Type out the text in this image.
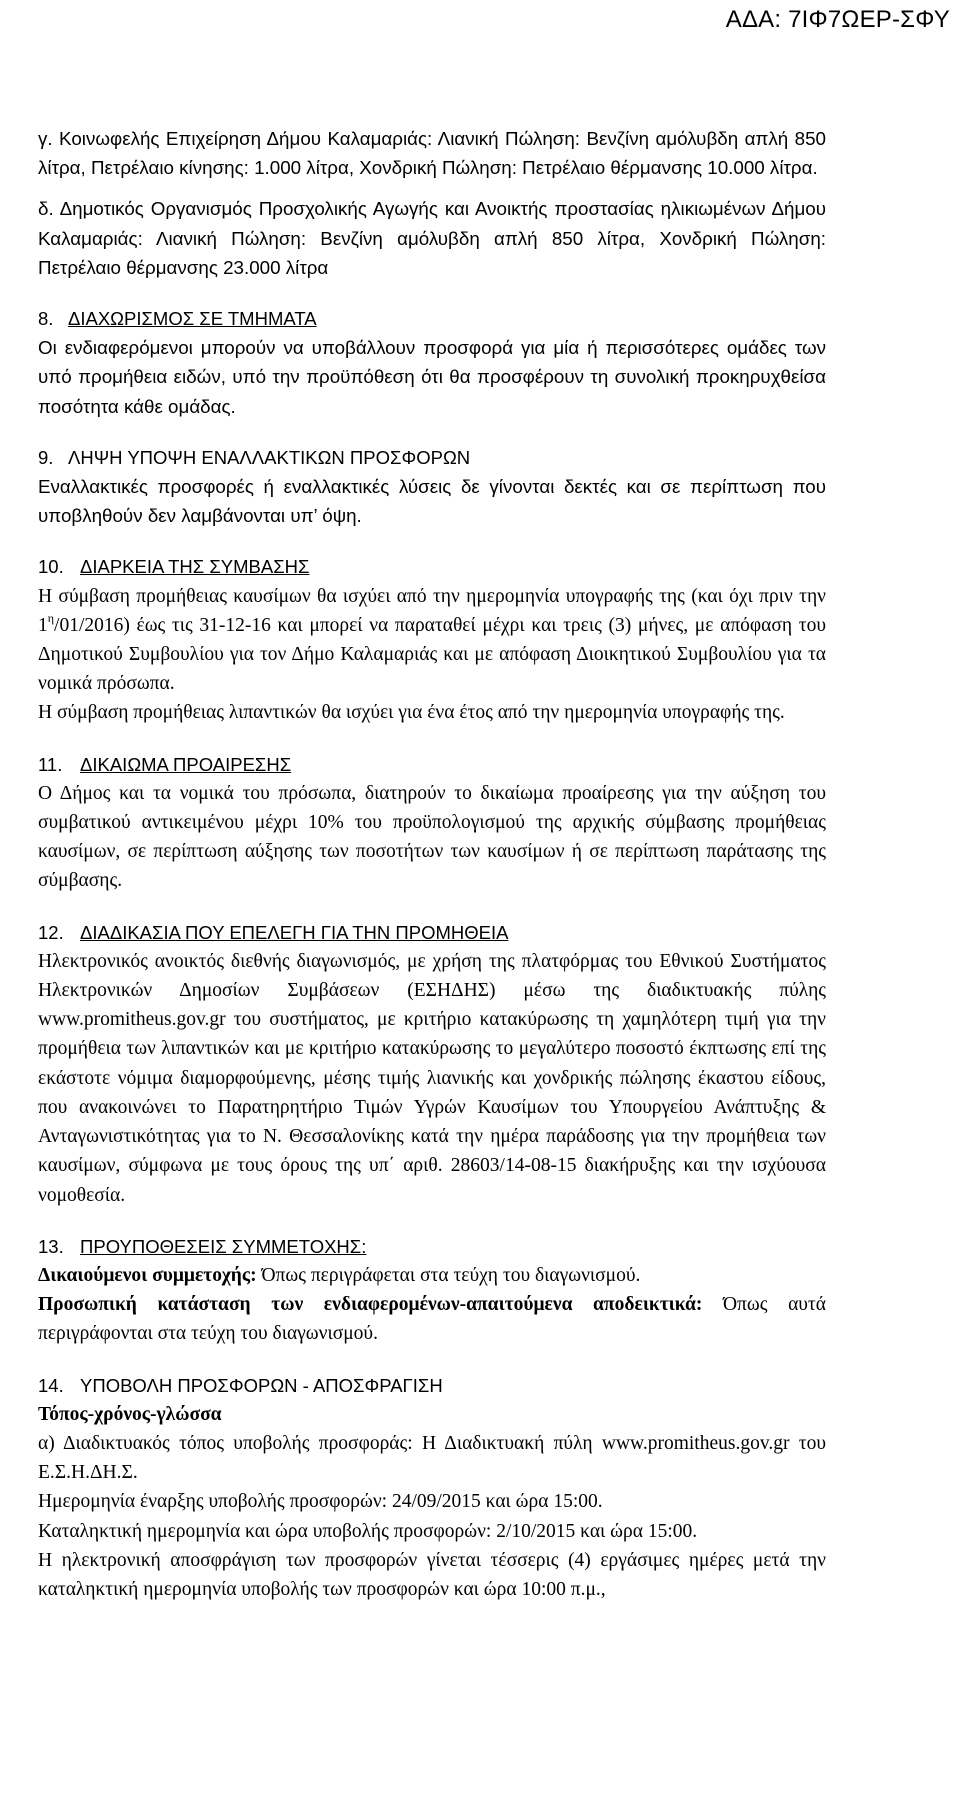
ΑΔΑ: 7ΙΦ7ΩΕΡ-ΣΦΥ

γ. Κοινωφελής Επιχείρηση Δήμου Καλαμαριάς: Λιανική Πώληση: Βενζίνη αμόλυβδη απλή 850 λίτρα, Πετρέλαιο κίνησης: 1.000 λίτρα, Χονδρική Πώληση: Πετρέλαιο θέρμανσης 10.000 λίτρα.

δ. Δημοτικός Οργανισμός Προσχολικής Αγωγής και Ανοικτής προστασίας ηλικιωμένων Δήμου Καλαμαριάς: Λιανική Πώληση: Βενζίνη αμόλυβδη απλή 850 λίτρα, Χονδρική Πώληση: Πετρέλαιο θέρμανσης 23.000 λίτρα

8. ΔΙΑΧΩΡΙΣΜΟΣ ΣΕ ΤΜΗΜΑΤΑ

Οι ενδιαφερόμενοι μπορούν να υποβάλλουν προσφορά για μία ή περισσότερες ομάδες των υπό προμήθεια ειδών, υπό την προϋπόθεση ότι θα προσφέρουν τη συνολική προκηρυχθείσα ποσότητα κάθε ομάδας.

9. ΛΗΨΗ ΥΠΟΨΗ ΕΝΑΛΛΑΚΤΙΚΩΝ ΠΡΟΣΦΟΡΩΝ

Εναλλακτικές προσφορές ή εναλλακτικές λύσεις δε γίνονται δεκτές και σε περίπτωση που υποβληθούν δεν λαμβάνονται υπ’ όψη.

10. ΔΙΑΡΚΕΙΑ ΤΗΣ ΣΥΜΒΑΣΗΣ

Η σύμβαση προμήθειας καυσίμων θα ισχύει από την ημερομηνία υπογραφής της (και όχι πριν την $1^\eta/01/2016$) έως τις 31-12-16 και μπορεί να παραταθεί μέχρι και τρεις (3) μήνες, με απόφαση του Δημοτικού Συμβουλίου για τον Δήμο Καλαμαριάς και με απόφαση Διοικητικού Συμβουλίου για τα νομικά πρόσωπα.

Η σύμβαση προμήθειας λιπαντικών θα ισχύει για ένα έτος από την ημερομηνία υπογραφής της.

11. ΔΙΚΑΙΩΜΑ ΠΡΟΑΙΡΕΣΗΣ

Ο Δήμος και τα νομικά του πρόσωπα, διατηρούν το δικαίωμα προαίρεσης για την αύξηση του συμβατικού αντικειμένου μέχρι 10% του προϋπολογισμού της αρχικής σύμβασης προμήθειας καυσίμων, σε περίπτωση αύξησης των ποσοτήτων των καυσίμων ή σε περίπτωση παράτασης της σύμβασης.

12. ΔΙΑΔΙΚΑΣΙΑ ΠΟΥ ΕΠΕΛΕΓΗ ΓΙΑ ΤΗΝ ΠΡΟΜΗΘΕΙΑ

Ηλεκτρονικός ανοικτός διεθνής διαγωνισμός, με χρήση της πλατφόρμας του Εθνικού Συστήματος Ηλεκτρονικών Δημοσίων Συμβάσεων (ΕΣΗΔΗΣ) μέσω της διαδικτυακής πύλης www.promitheus.gov.gr του συστήματος, με κριτήριο κατακύρωσης τη χαμηλότερη τιμή για την προμήθεια των λιπαντικών και με κριτήριο κατακύρωσης το μεγαλύτερο ποσοστό έκπτωσης επί της εκάστοτε νόμιμα διαμορφούμενης, μέσης τιμής λιανικής και χονδρικής πώλησης έκαστου είδους, που ανακοινώνει το Παρατηρητήριο Τιμών Υγρών Καυσίμων του Υπουργείου Ανάπτυξης & Ανταγωνιστικότητας για το Ν. Θεσσαλονίκης κατά την ημέρα παράδοσης για την προμήθεια των καυσίμων, σύμφωνα με τους όρους της υπ΄ αριθ. 28603/14-08-15 διακήρυξης και την ισχύουσα νομοθεσία.

13. ΠΡΟΥΠΟΘΕΣΕΙΣ ΣΥΜΜΕΤΟΧΗΣ:

Δικαιούμενοι συμμετοχής: Όπως περιγράφεται στα τεύχη του διαγωνισμού.

Προσωπική κατάσταση των ενδιαφερομένων-απαιτούμενα αποδεικτικά: Όπως αυτά περιγράφονται στα τεύχη του διαγωνισμού.

14. ΥΠΟΒΟΛΗ ΠΡΟΣΦΟΡΩΝ - ΑΠΟΣΦΡΑΓΙΣΗ

Τόπος-χρόνος-γλώσσα

α) Διαδικτυακός τόπος υποβολής προσφοράς: Η Διαδικτυακή πύλη www.promitheus.gov.gr του Ε.Σ.Η.ΔΗ.Σ.

Ημερομηνία έναρξης υποβολής προσφορών: 24/09/2015 και ώρα 15:00.

Καταληκτική ημερομηνία και ώρα υποβολής προσφορών: 2/10/2015 και ώρα 15:00.

Η ηλεκτρονική αποσφράγιση των προσφορών γίνεται τέσσερις (4) εργάσιμες ημέρες μετά την καταληκτική ημερομηνία υποβολής των προσφορών και ώρα 10:00 π.μ.,
